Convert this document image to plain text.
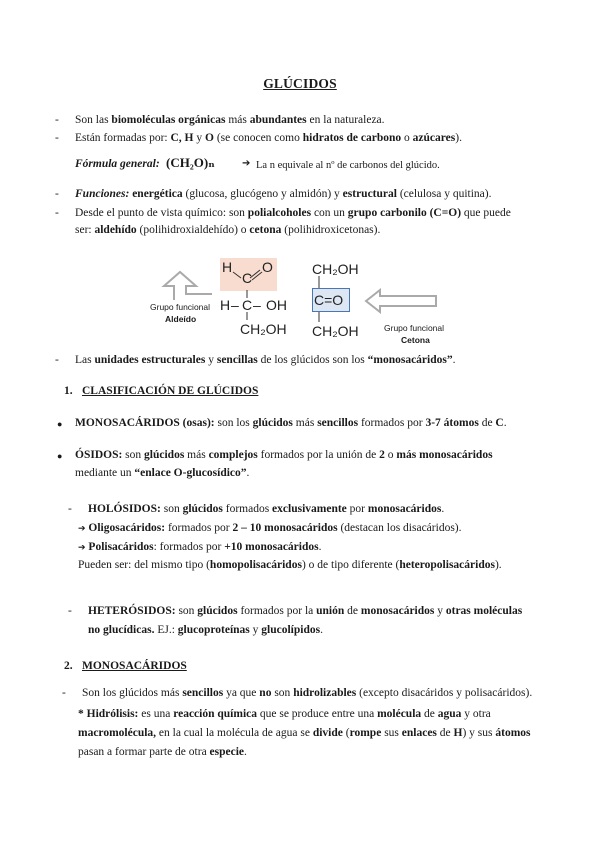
GLÚCIDOS
- Son las biomoléculas orgánicas más abundantes en la naturaleza.
- Están formadas por: C, H y O (se conocen como hidratos de carbono o azúcares).
Fórmula general: (CH₂O)ₙ	➔ La n equivale al nº de carbonos del glúcido.
- Funciones: energética (glucosa, glucógeno y almidón) y estructural (celulosa y quitina).
- Desde el punto de vista químico: son polialcoholes con un grupo carbonilo (C=O) que puede
ser: aldehído (polihidroxialdehído) o cetona (polihidroxicetonas).
Grupo funcional
Aldeído
H
C
O
H – C – OH
CH₂OH
CH₂OH
C=O
CH₂OH	Grupo funcional
Cetona
- Las unidades estructurales y sencillas de los glúcidos son los “monosacáridos”.
1. CLASIFICACIÓN DE GLÚCIDOS
● MONOSACÁRIDOS (osas): son los glúcidos más sencillos formados por 3-7 átomos de C.
● ÓSIDOS: son glúcidos más complejos formados por la unión de 2 o más monosacáridos
mediante un “enlace O-glucosídico”.
- HOLÓSIDOS: son glúcidos formados exclusivamente por monosacáridos.
➔ Oligosacáridos: formados por 2 – 10 monosacáridos (destacan los disacáridos).
➔ Polisacáridos: formados por +10 monosacáridos.
Pueden ser: del mismo tipo (homopolisacáridos) o de tipo diferente (heteropolisacáridos).
- HETERÓSIDOS: son glúcidos formados por la unión de monosacáridos y otras moléculas
no glucídicas. EJ.: glucoproteínas y glucolípidos.
2. MONOSACÁRIDOS
- Son los glúcidos más sencillos ya que no son hidrolizables (excepto disacáridos y polisacáridos).
* Hidrólisis: es una reacción química que se produce entre una molécula de agua y otra
macromolécula, en la cual la molécula de agua se divide (rompe sus enlaces de H) y sus átomos
pasan a formar parte de otra especie.
